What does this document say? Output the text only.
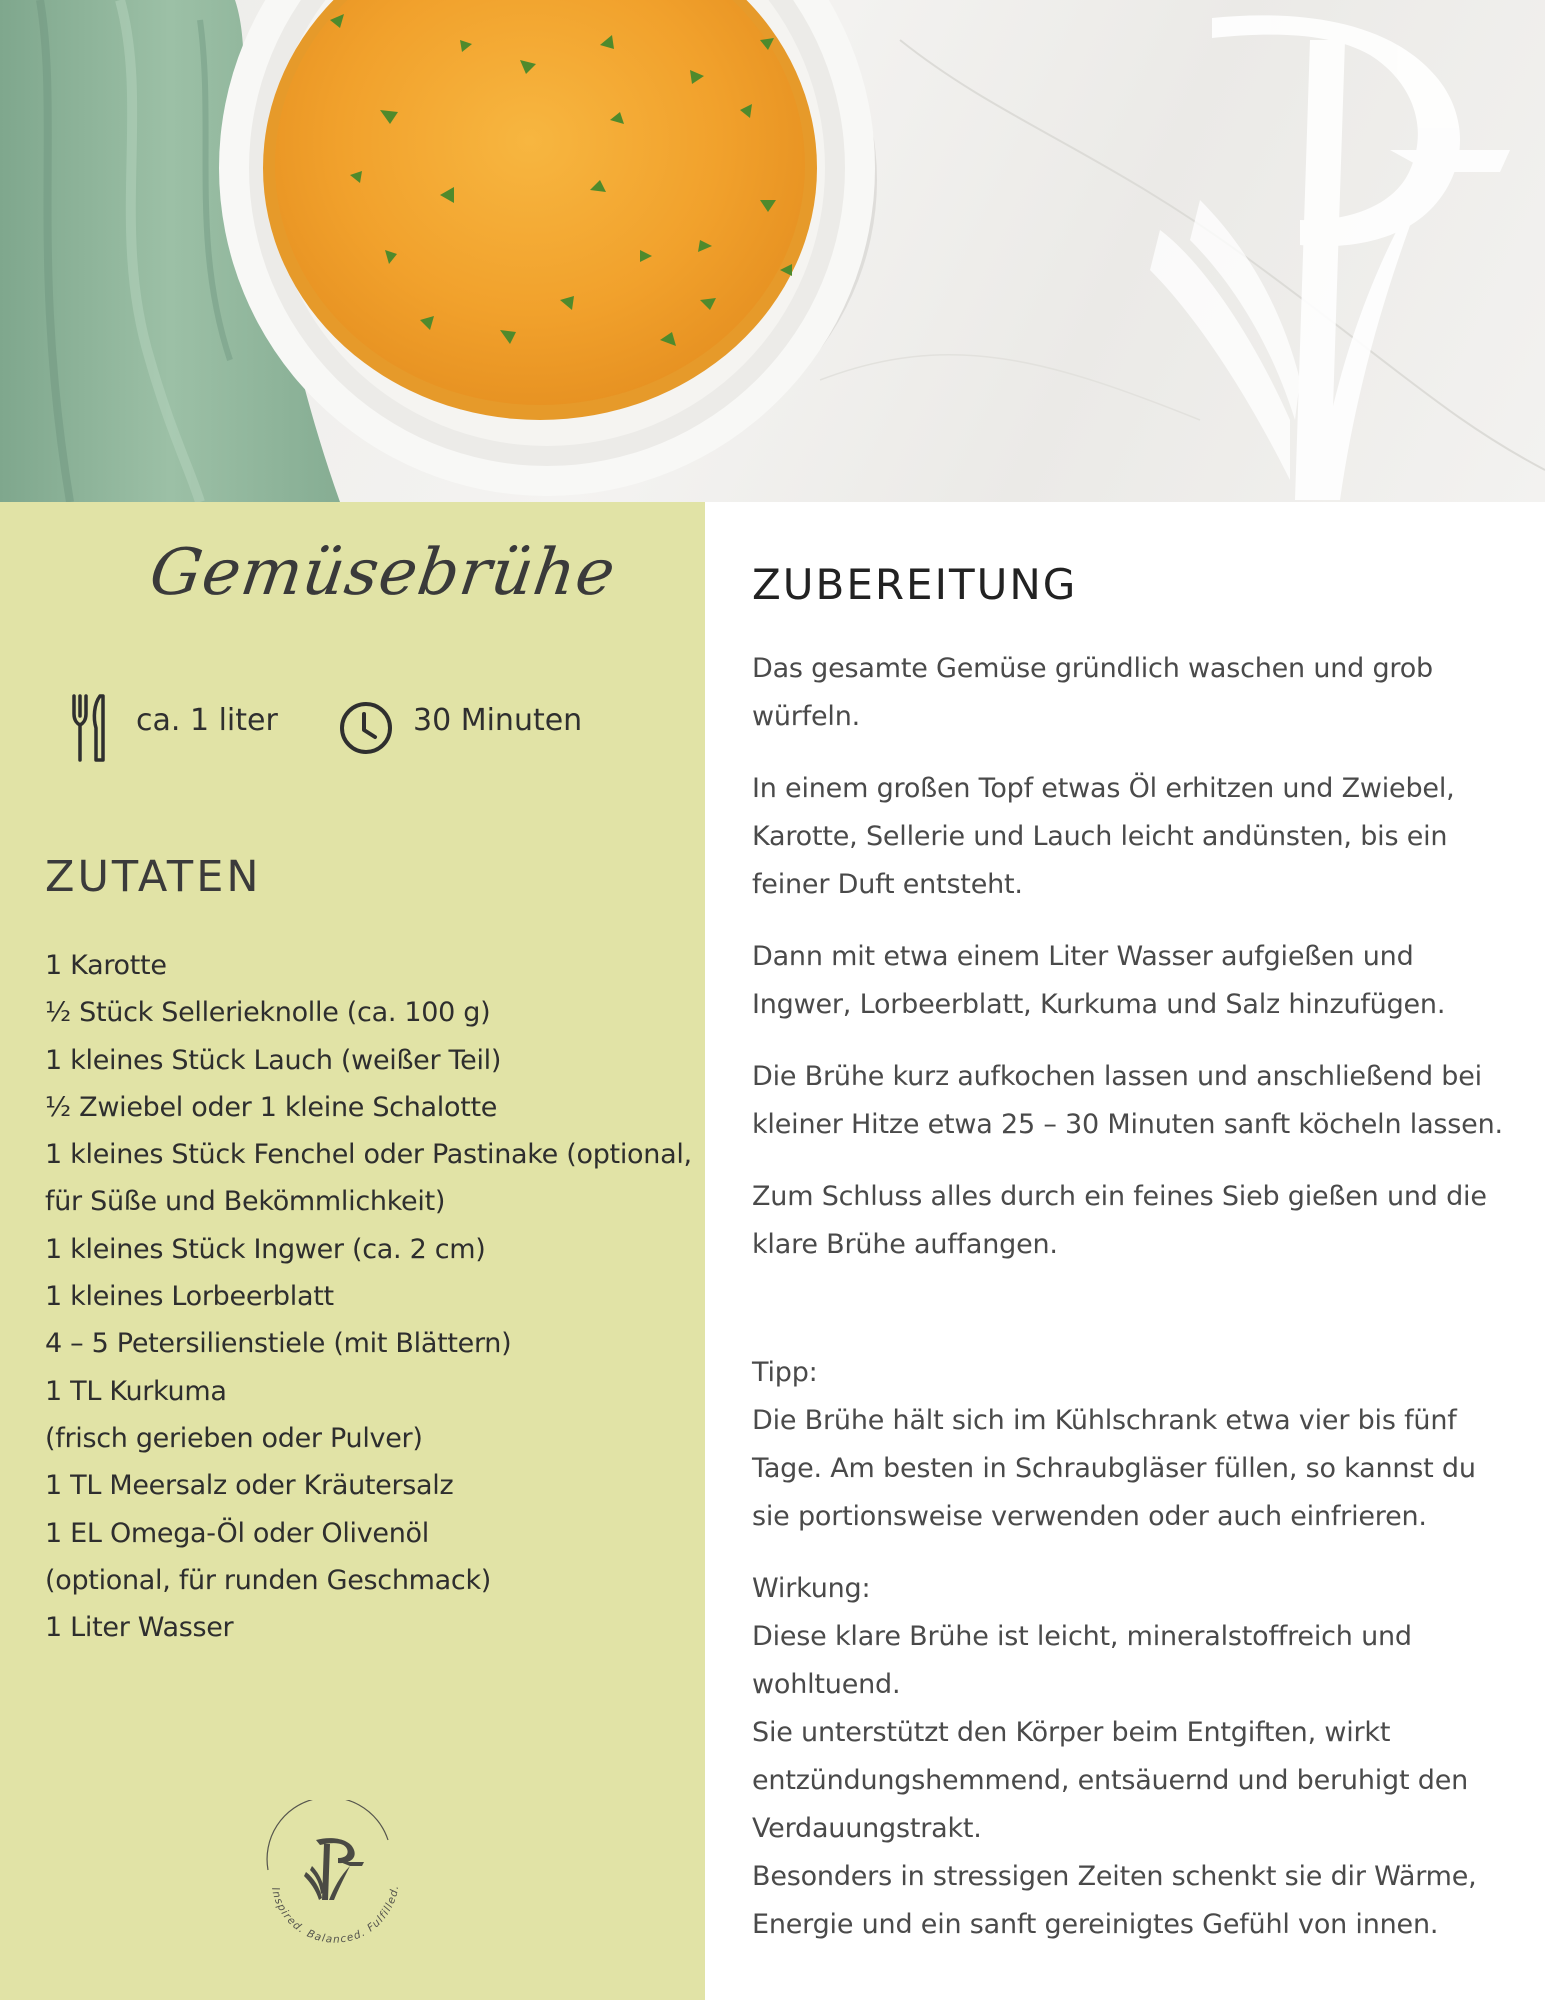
Gemüsebrühe
ca. 1 liter	30 Minuten
ZUTATEN
1 Karotte
½ Stück Sellerieknolle (ca. 100 g)
1 kleines Stück Lauch (weißer Teil)
½ Zwiebel oder 1 kleine Schalotte
1 kleines Stück Fenchel oder Pastinake (optional,
für Süße und Bekömmlichkeit)
1 kleines Stück Ingwer (ca. 2 cm)
1 kleines Lorbeerblatt
4 – 5 Petersilienstiele (mit Blättern)
1 TL Kurkuma
(frisch gerieben oder Pulver)
1 TL Meersalz oder Kräutersalz
1 EL Omega-Öl oder Olivenöl
(optional, für runden Geschmack)
1 Liter Wasser
Inspired. Balanced. Fulfilled.
ZUBEREITUNG

Das gesamte Gemüse gründlich waschen und grob würfeln.

In einem großen Topf etwas Öl erhitzen und Zwiebel, Karotte, Sellerie und Lauch leicht andünsten, bis ein feiner Duft entsteht.

Dann mit etwa einem Liter Wasser aufgießen und Ingwer, Lorbeerblatt, Kurkuma und Salz hinzufügen.

Die Brühe kurz aufkochen lassen und anschließend bei kleiner Hitze etwa 25 – 30 Minuten sanft köcheln lassen.

Zum Schluss alles durch ein feines Sieb gießen und die klare Brühe auffangen.

Tipp:

Die Brühe hält sich im Kühlschrank etwa vier bis fünf Tage. Am besten in Schraubgläser füllen, so kannst du sie portionsweise verwenden oder auch einfrieren.

Wirkung:

Diese klare Brühe ist leicht, mineralstoffreich und wohltuend.

Sie unterstützt den Körper beim Entgiften, wirkt entzündungshemmend, entsäuernd und beruhigt den Verdauungstrakt.

Besonders in stressigen Zeiten schenkt sie dir Wärme, Energie und ein sanft gereinigtes Gefühl von innen.
